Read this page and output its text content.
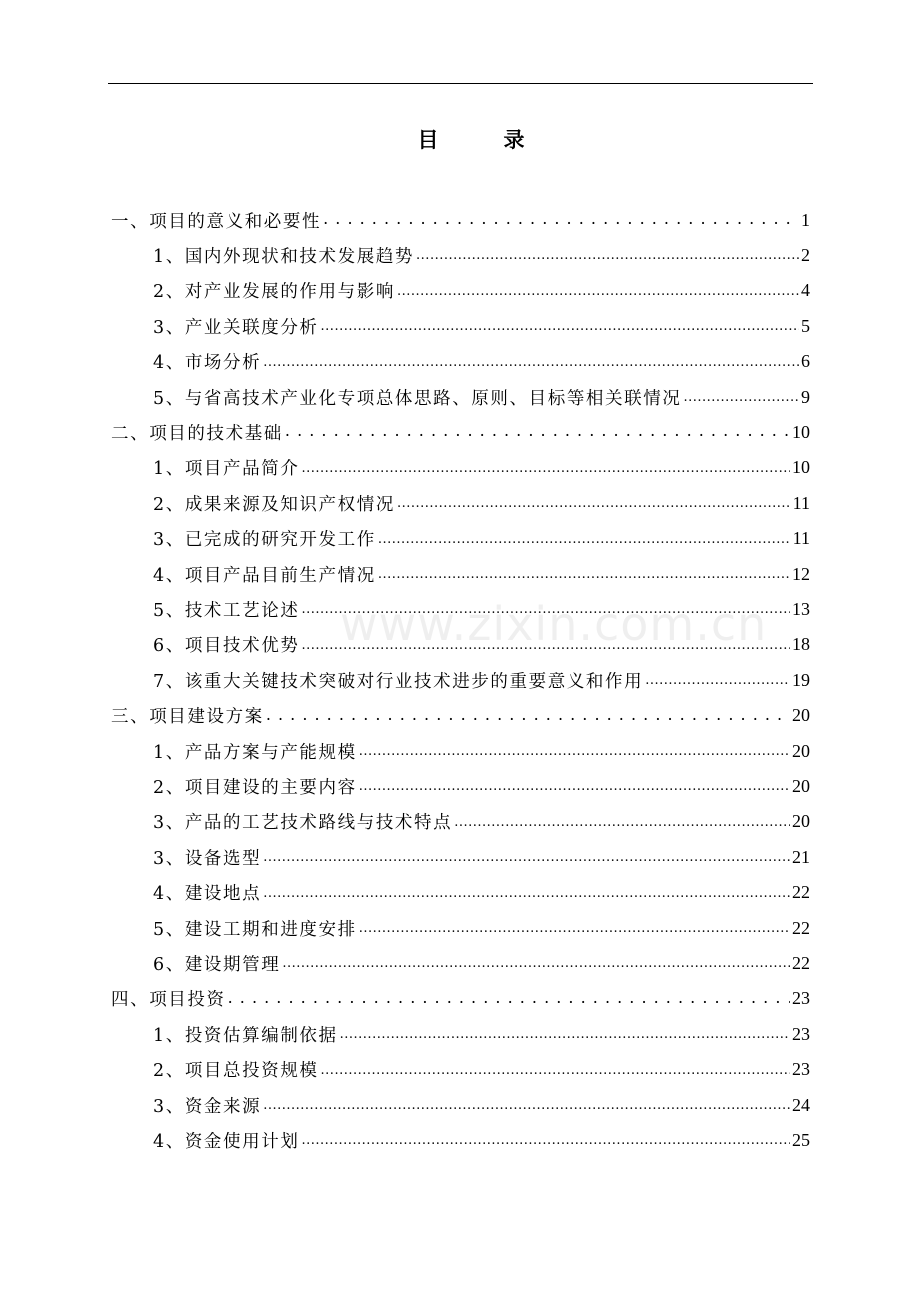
目　录
www.zixin.com.cn
一、项目的意义和必要性 . . .	1
1、国内外现状和技术发展趋势 .....	2
2、对产业发展的作用与影响 .....	4
3、产业关联度分析 .....	5
4、市场分析 .....	6
5、与省高技术产业化专项总体思路、原则、目标等相关联情况 .....	9
二、项目的技术基础 . . .	10
1、项目产品简介 .....	10
2、成果来源及知识产权情况 .....	11
3、已完成的研究开发工作 .....	11
4、项目产品目前生产情况 .....	12
5、技术工艺论述 .....	13
6、项目技术优势 .....	18
7、该重大关键技术突破对行业技术进步的重要意义和作用 .....	19
三、项目建设方案 . . .	20
1、产品方案与产能规模 .....	20
2、项目建设的主要内容 .....	20
3、产品的工艺技术路线与技术特点 .....	20
3、设备选型 .....	21
4、建设地点 .....	22
5、建设工期和进度安排 .....	22
6、建设期管理 .....	22
四、项目投资 . . .	23
1、投资估算编制依据 .....	23
2、项目总投资规模 .....	23
3、资金来源 .....	24
4、资金使用计划 .....	25
